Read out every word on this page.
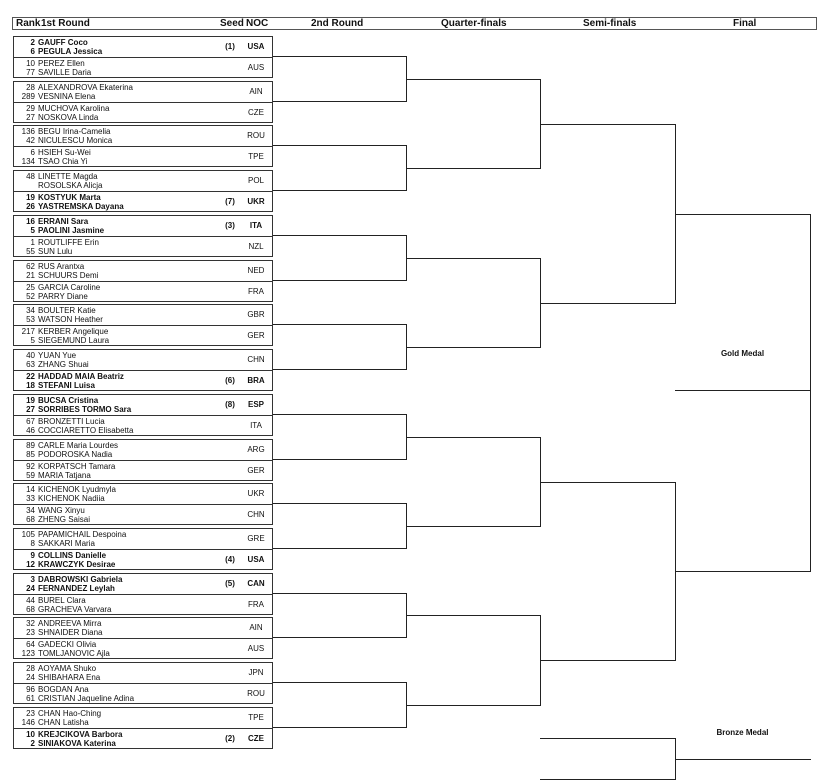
Rank 1st Round	Seed NOC	2nd Round	Quarter-finals	Semi-finals	Final
2 GAUFF Coco
6 PEGULA Jessica
(1)	USA
10 PEREZ Ellen
77 SAVILLE Daria
AUS
28 ALEXANDROVA Ekaterina
289 VESNINA Elena
AIN
29 MUCHOVA Karolina
27 NOSKOVA Linda
CZE
136 BEGU Irina-Camelia
42 NICULESCU Monica
ROU
6 HSIEH Su-Wei
134 TSAO Chia Yi
TPE
48 LINETTE Magda
ROSOLSKA Alicja
POL
19 KOSTYUK Marta
26 YASTREMSKA Dayana
(7)	UKR
16 ERRANI Sara
5 PAOLINI Jasmine
(3)	ITA
1 ROUTLIFFE Erin
55 SUN Lulu
NZL
62 RUS Arantxa
21 SCHUURS Demi
NED
25 GARCIA Caroline
52 PARRY Diane
FRA
34 BOULTER Katie
53 WATSON Heather
GBR
217 KERBER Angelique
5 SIEGEMUND Laura
GER
40 YUAN Yue
63 ZHANG Shuai
CHN
22 HADDAD MAIA Beatriz
18 STEFANI Luisa
(6)	BRA
19 BUCSA Cristina
27 SORRIBES TORMO Sara
(8)	ESP
67 BRONZETTI Lucia
46 COCCIARETTO Elisabetta
ITA
89 CARLE Maria Lourdes
85 PODOROSKA Nadia
ARG
92 KORPATSCH Tamara
59 MARIA Tatjana
GER
14 KICHENOK Lyudmyla
33 KICHENOK Nadiia
UKR
34 WANG Xinyu
68 ZHENG Saisai
CHN
105 PAPAMICHAIL Despoina
8 SAKKARI Maria
GRE
9 COLLINS Danielle
12 KRAWCZYK Desirae
(4)	USA
3 DABROWSKI Gabriela
24 FERNANDEZ Leylah
(5)	CAN
44 BUREL Clara
68 GRACHEVA Varvara
FRA
32 ANDREEVA Mirra
23 SHNAIDER Diana
AIN
64 GADECKI Olivia
123 TOMLJANOVIC Ajla
AUS
28 AOYAMA Shuko
24 SHIBAHARA Ena
JPN
96 BOGDAN Ana
61 CRISTIAN Jaqueline Adina
ROU
23 CHAN Hao-Ching
146 CHAN Latisha
TPE
10 KREJCIKOVA Barbora
2 SINIAKOVA Katerina
(2)	CZE
Gold Medal
Bronze Medal
